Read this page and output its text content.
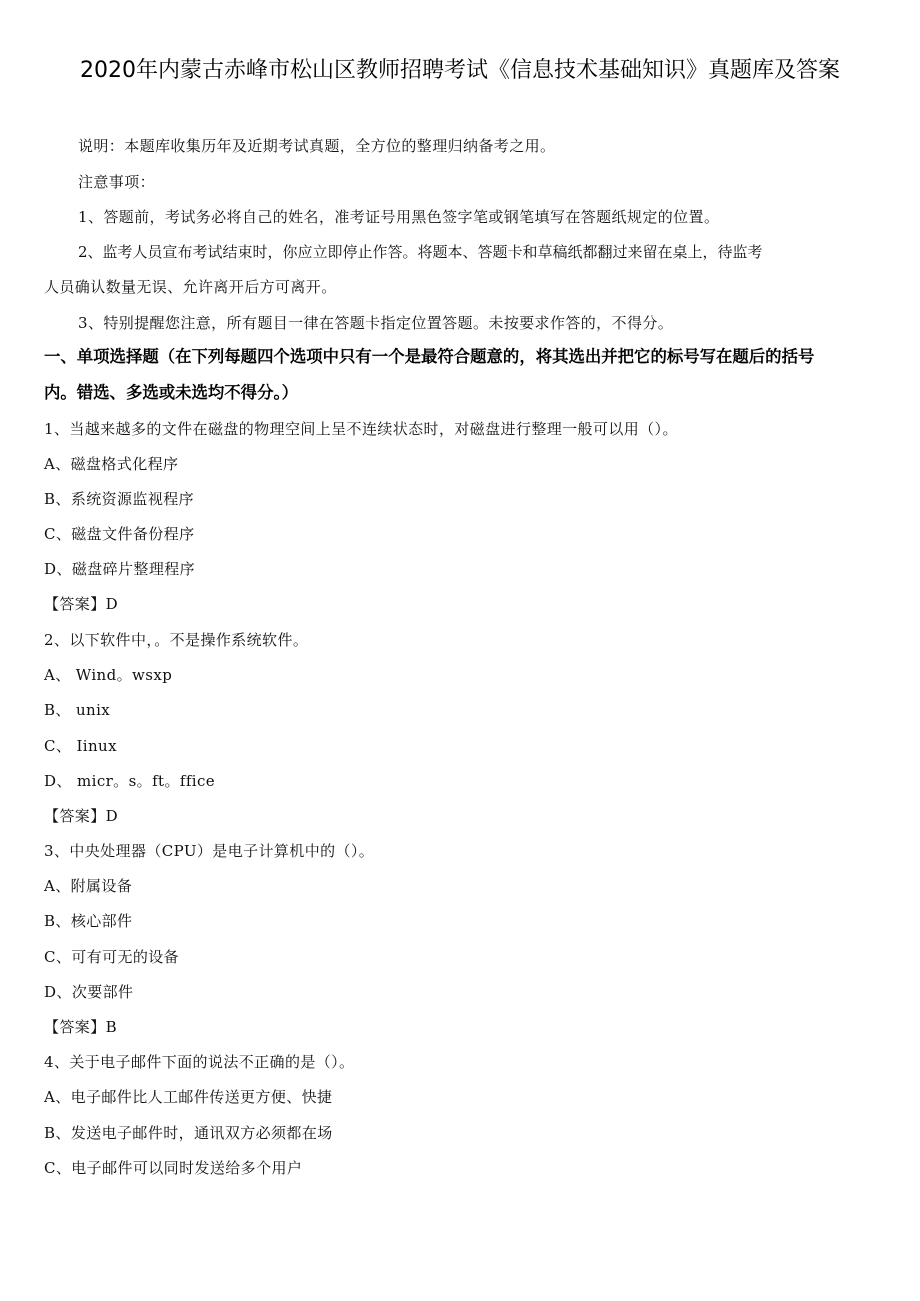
2020年内蒙古赤峰市松山区教师招聘考试《信息技术基础知识》真题库及答案
说明：本题库收集历年及近期考试真题，全方位的整理归纳备考之用。
注意事项：
1、答题前，考试务必将自己的姓名，准考证号用黑色签字笔或钢笔填写在答题纸规定的位置。
2、监考人员宣布考试结束时，你应立即停止作答。将题本、答题卡和草稿纸都翻过来留在桌上，待监考
人员确认数量无误、允许离开后方可离开。
3、特别提醒您注意，所有题目一律在答题卡指定位置答题。未按要求作答的，不得分。
一、单项选择题（在下列每题四个选项中只有一个是最符合题意的，将其选出并把它的标号写在题后的括号
内。错选、多选或未选均不得分。）
1、当越来越多的文件在磁盘的物理空间上呈不连续状态时，对磁盘进行整理一般可以用（）。
A、磁盘格式化程序
B、系统资源监视程序
C、磁盘文件备份程序
D、磁盘碎片整理程序
【答案】D
2、以下软件中，。不是操作系统软件。
A、 Wind。wsxp
B、 unix
C、 Iinux
D、 micr。s。ft。ffice
【答案】D
3、中央处理器（CPU）是电子计算机中的（）。
A、附属设备
B、核心部件
C、可有可无的设备
D、次要部件
【答案】B
4、关于电子邮件下面的说法不正确的是（）。
A、电子邮件比人工邮件传送更方便、快捷
B、发送电子邮件时，通讯双方必须都在场
C、电子邮件可以同时发送给多个用户
